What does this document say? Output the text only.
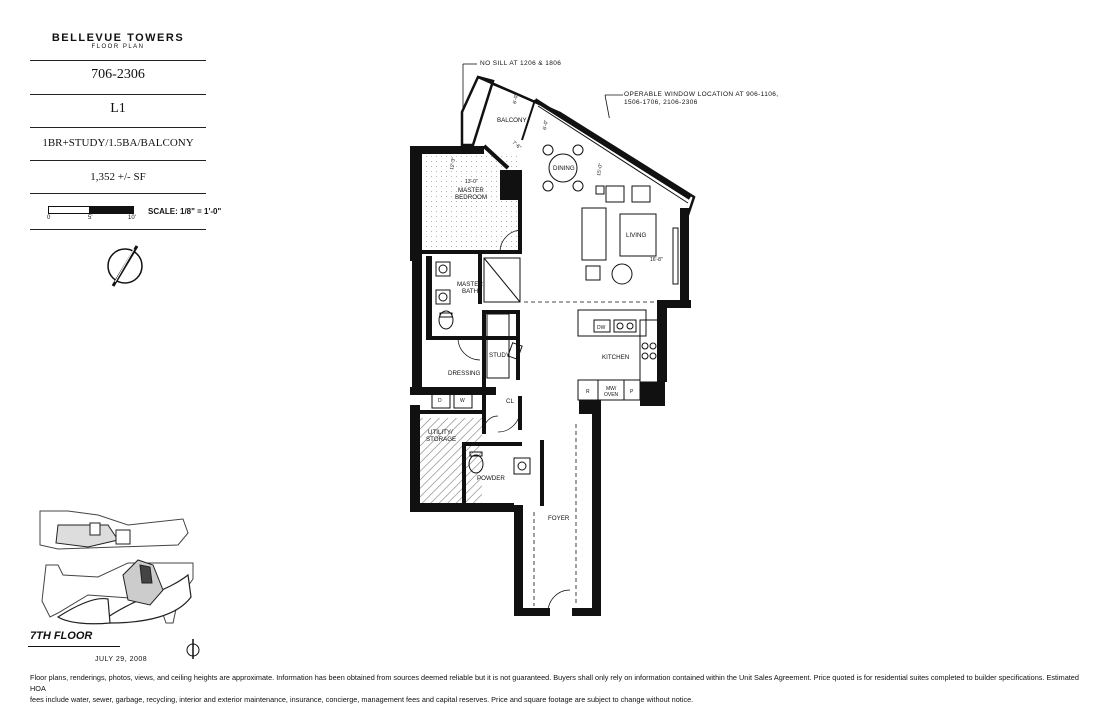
BELLEVUE TOWERS
FLOOR PLAN
706-2306
L1
1BR+STUDY/1.5BA/BALCONY
1,352 +/- SF
0	5'	10'
SCALE: 1/8" = 1'-0"
NO SILL AT 1206 & 1806
OPERABLE WINDOW LOCATION AT 906-1106,
1506-1706, 2106-2306
BALCONY
DINING
LIVING
MASTER
BEDROOM
MASTER
BATH
STUDY	KITCHEN
DRESSING
CL
UTILITY/
STORAGE
POWDER
FOYER
DW
R	MW/
OVEN P
D	W
6'-0"
7'-6"
6'-0"
15'-0"
12'-3"
13'-0"
16'-8"
8'-3"
7TH FLOOR
JULY 29, 2008
Floor plans, renderings, photos, views, and ceiling heights are approximate. Information has been obtained from sources deemed reliable but it is not guaranteed. Buyers shall only rely on information contained within the Unit Sales Agreement. Price quoted is for residential suites completed to builder specifications. Estimated HOA
fees include water, sewer, garbage, recycling, interior and exterior maintenance, insurance, concierge, management fees and capital reserves. Price and square footage are subject to change without notice.
